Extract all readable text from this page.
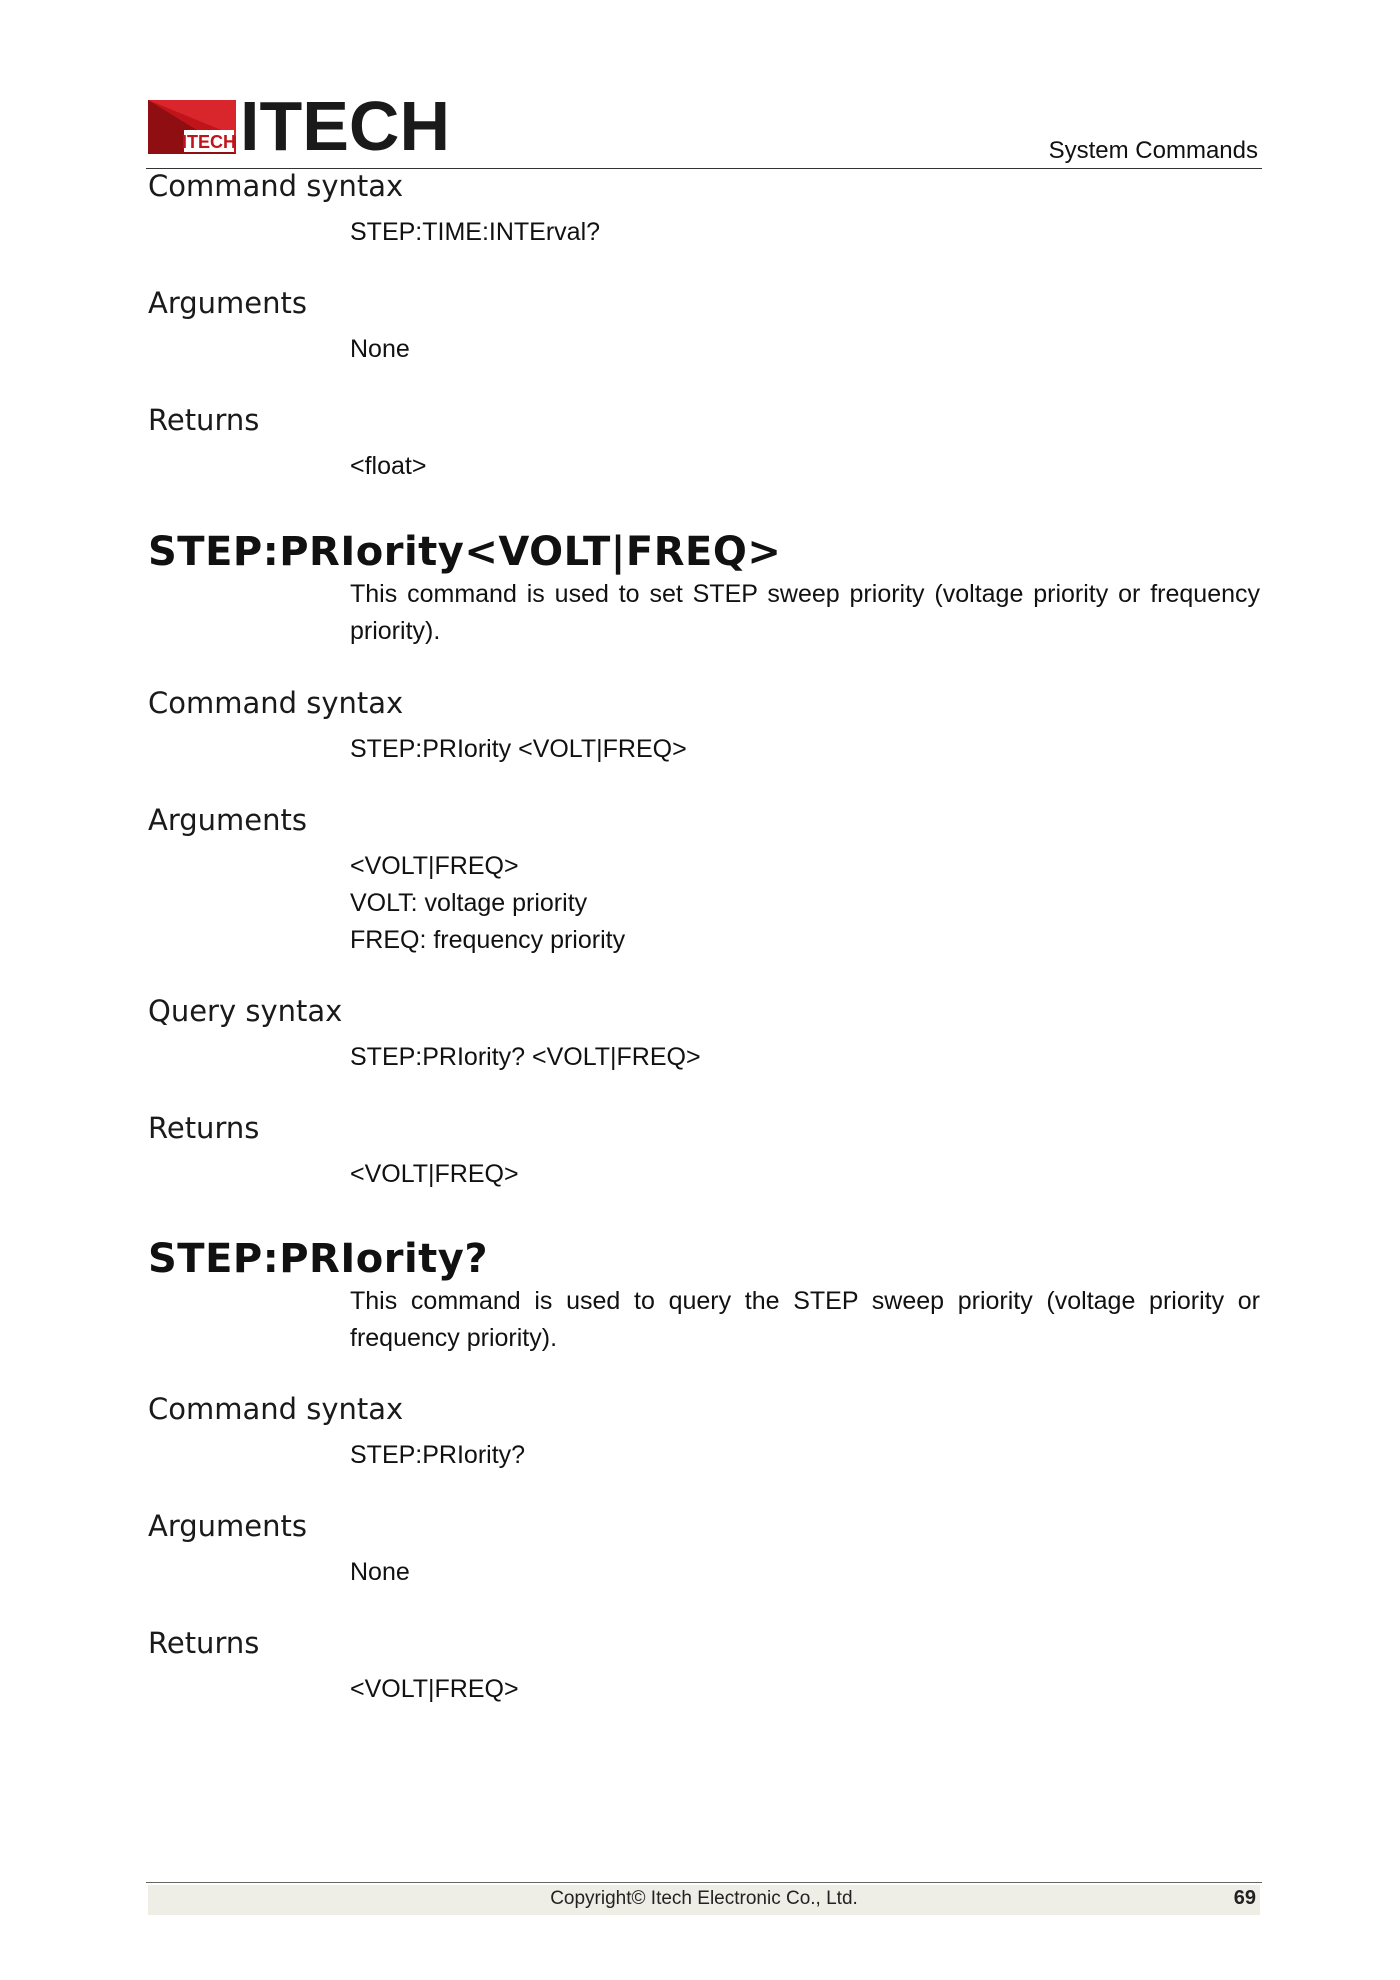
ITECH ITECH	System Commands
Command syntax
STEP:TIME:INTErval?
Arguments
None
Returns
<float>
STEP:PRIority<VOLT|FREQ>
This command is used to set STEP sweep priority (voltage priority or frequency priority).
Command syntax
STEP:PRIority <VOLT|FREQ>
Arguments
<VOLT|FREQ>
VOLT: voltage priority
FREQ: frequency priority
Query syntax
STEP:PRIority? <VOLT|FREQ>
Returns
<VOLT|FREQ>
STEP:PRIority?
This command is used to query the STEP sweep priority (voltage priority or frequency priority).
Command syntax
STEP:PRIority?
Arguments
None
Returns
<VOLT|FREQ>
Copyright© Itech Electronic Co., Ltd.	69
